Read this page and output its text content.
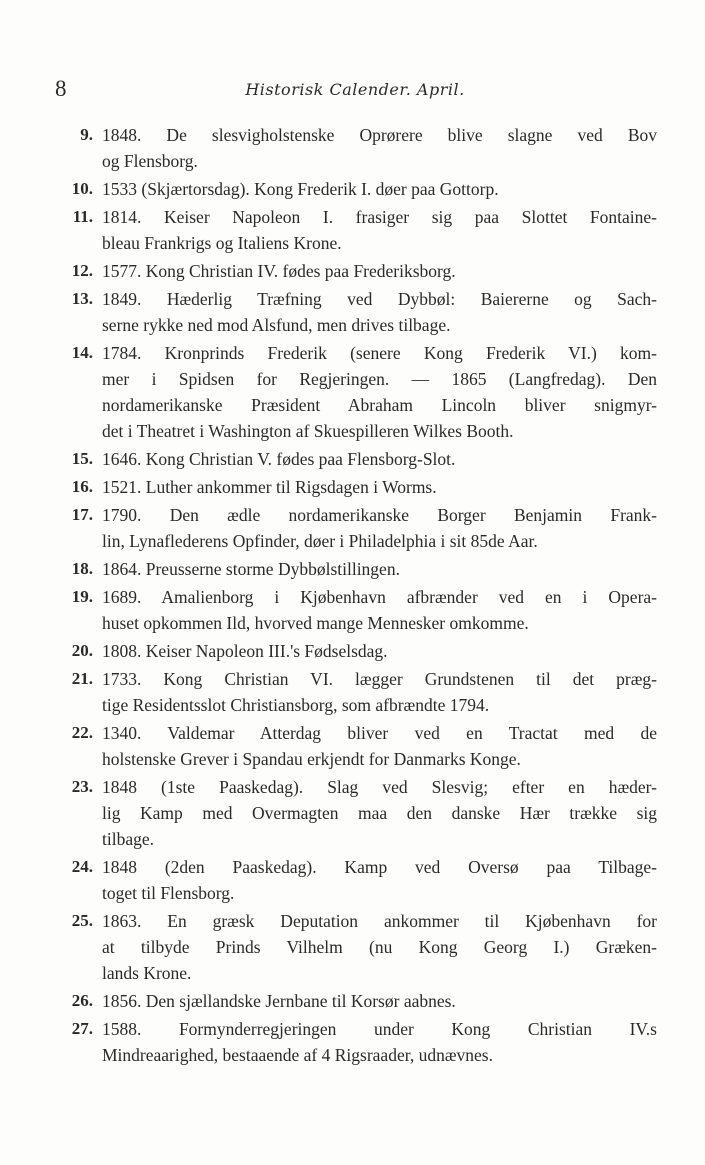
8	Historisk Calender. April.
9. 1848. De slesvigholstenske Oprørere blive slagne ved Bov
og Flensborg.
10. 1533 (Skjærtorsdag). Kong Frederik I. døer paa Gottorp.
11. 1814. Keiser Napoleon I. frasiger sig paa Slottet Fontaine-
bleau Frankrigs og Italiens Krone.
12. 1577. Kong Christian IV. fødes paa Frederiksborg.
13. 1849. Hæderlig Træfning ved Dybbøl: Baiererne og Sach-
serne rykke ned mod Alsfund, men drives tilbage.
14. 1784. Kronprinds Frederik (senere Kong Frederik VI.) kom-
mer i Spidsen for Regjeringen. — 1865 (Langfredag). Den
nordamerikanske Præsident Abraham Lincoln bliver snigmyr-
det i Theatret i Washington af Skuespilleren Wilkes Booth.
15. 1646. Kong Christian V. fødes paa Flensborg-Slot.
16. 1521. Luther ankommer til Rigsdagen i Worms.
17. 1790. Den ædle nordamerikanske Borger Benjamin Frank-
lin, Lynaflederens Opfinder, døer i Philadelphia i sit 85de Aar.
18. 1864. Preusserne storme Dybbølstillingen.
19. 1689. Amalienborg i Kjøbenhavn afbrænder ved en i Opera-
huset opkommen Ild, hvorved mange Mennesker omkomme.
20. 1808. Keiser Napoleon III.'s Fødselsdag.
21. 1733. Kong Christian VI. lægger Grundstenen til det præg-
tige Residentsslot Christiansborg, som afbrændte 1794.
22. 1340. Valdemar Atterdag bliver ved en Tractat med de
holstenske Grever i Spandau erkjendt for Danmarks Konge.
23. 1848 (1ste Paaskedag). Slag ved Slesvig; efter en hæder-
lig Kamp med Overmagten maa den danske Hær trække sig
tilbage.
24. 1848 (2den Paaskedag). Kamp ved Oversø paa Tilbage-
toget til Flensborg.
25. 1863. En græsk Deputation ankommer til Kjøbenhavn for
at tilbyde Prinds Vilhelm (nu Kong Georg I.) Græken-
lands Krone.
26. 1856. Den sjællandske Jernbane til Korsør aabnes.
27. 1588. Formynderregjeringen under Kong Christian IV.s
Mindreaarighed, bestaaende af 4 Rigsraader, udnævnes.
